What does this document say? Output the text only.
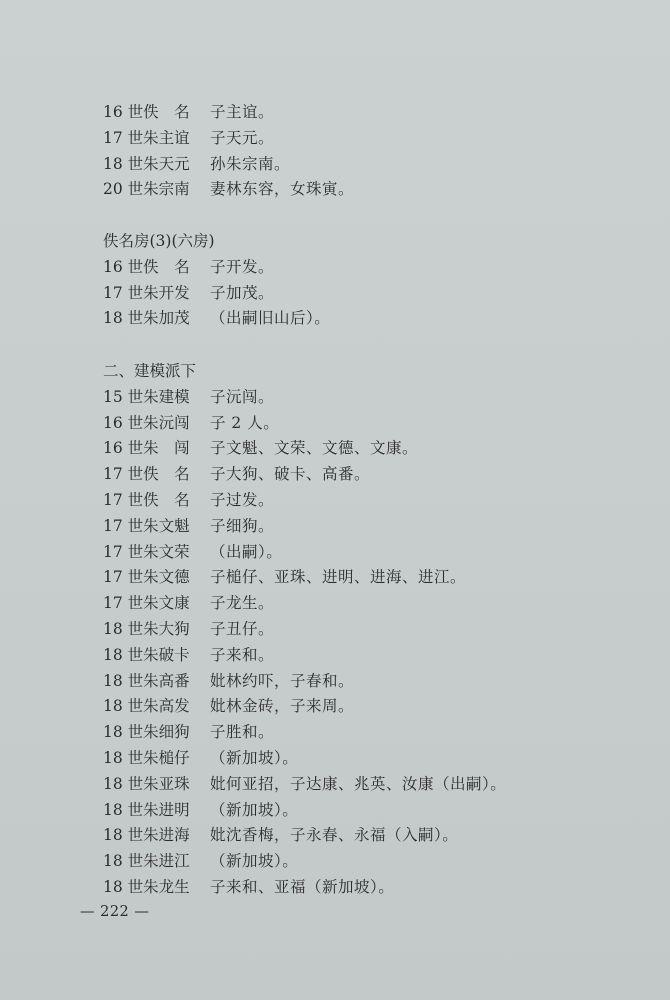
16 世佚　名	子主谊。
17 世朱主谊	子天元。
18 世朱天元	孙朱宗南。
20 世朱宗南	妻林东容，女珠寅。
佚名房(3)(六房)
16 世佚　名	子开发。
17 世朱开发	子加茂。
18 世朱加茂	（出嗣旧山后）。
二、建模派下
15 世朱建模	子沅闯。
16 世朱沅闯	子 2 人。
16 世朱　闯	子文魁、文荣、文德、文康。
17 世佚　名	子大狗、破卡、高番。
17 世佚　名	子过发。
17 世朱文魁	子细狗。
17 世朱文荣	（出嗣）。
17 世朱文德	子槌仔、亚珠、进明、进海、进江。
17 世朱文康	子龙生。
18 世朱大狗	子丑仔。
18 世朱破卡	子来和。
18 世朱高番	妣林约吓，子春和。
18 世朱高发	妣林金砖，子来周。
18 世朱细狗	子胜和。
18 世朱槌仔	（新加坡）。
18 世朱亚珠	妣何亚招，子达康、兆英、汝康（出嗣）。
18 世朱进明	（新加坡）。
18 世朱进海	妣沈香梅，子永春、永福（入嗣）。
18 世朱进江	（新加坡）。
18 世朱龙生	子来和、亚福（新加坡）。
— 222 —
